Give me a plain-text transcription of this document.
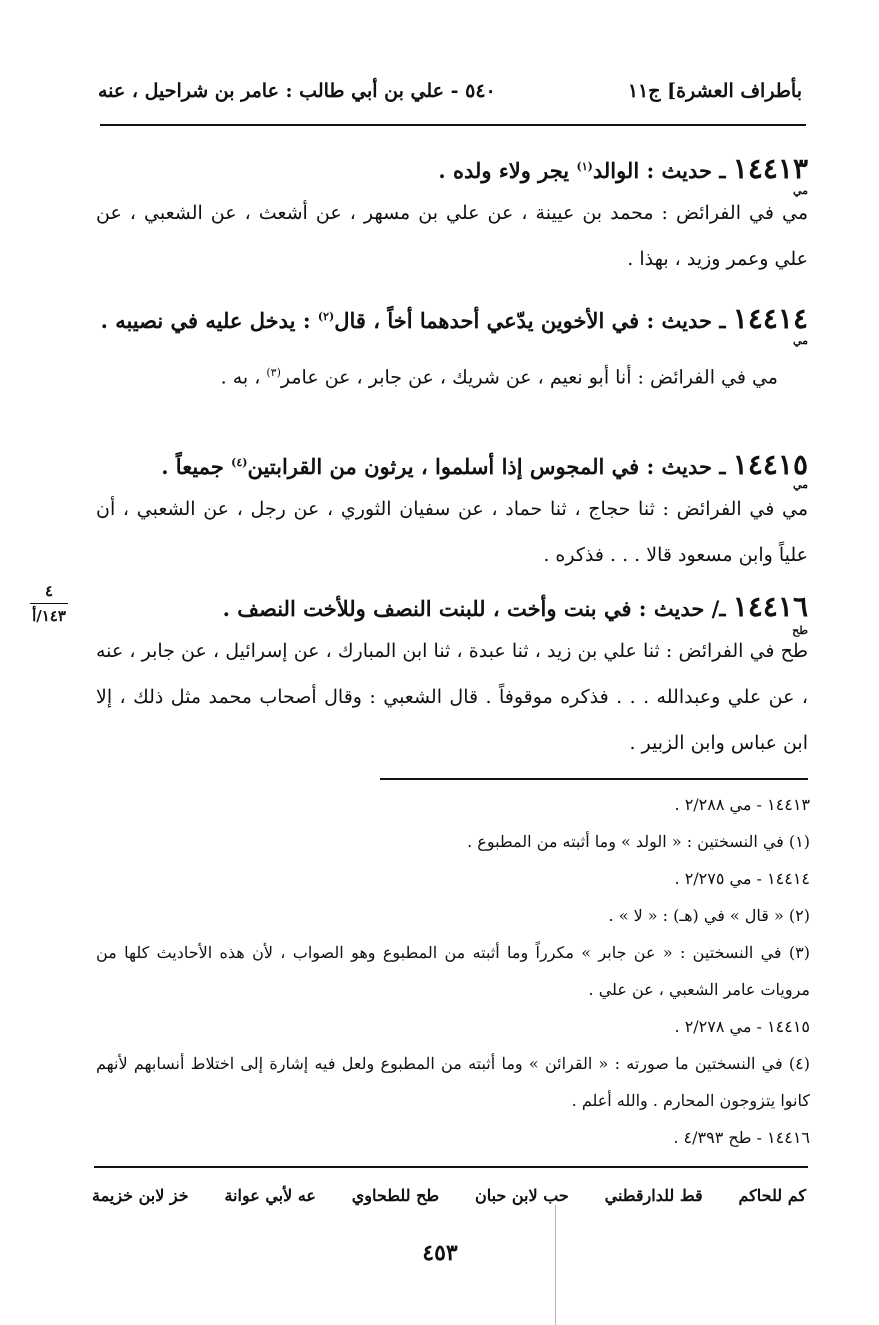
بأطراف العشرة] ج١١
٥٤٠ - علي بن أبي طالب : عامر بن شراحيل ، عنه
١٤٤١٣ ـ حديث : الوالد$^{(١)}$ يجر ولاء ولده .
مي
مي في الفرائض : محمد بن عيينة ، عن علي بن مسهر ، عن أشعث ، عن الشعبي ، عن علي وعمر وزيد ، بهذا .
١٤٤١٤ ـ حديث : في الأخوين يدّعي أحدهما أخاً ، قال$^{(٢)}$ : يدخل عليه في نصيبه .
مي
مي في الفرائض : أنا أبو نعيم ، عن شريك ، عن جابر ، عن عامر$^{(٣)}$ ، به .
١٤٤١٥ ـ حديث : في المجوس إذا أسلموا ، يرثون من القرابتين$^{(٤)}$ جميعاً .
مي
مي في الفرائض : ثنا حجاج ، ثنا حماد ، عن سفيان الثوري ، عن رجل ، عن الشعبي ، أن علياً وابن مسعود قالا . . . فذكره .
١٤٤١٦ ـ/ حديث : في بنت وأخت ، للبنت النصف وللأخت النصف .
طح
طح في الفرائض : ثنا علي بن زيد ، ثنا عبدة ، ثنا ابن المبارك ، عن إسرائيل ، عن جابر ، عنه ، عن علي وعبدالله . . . فذكره موقوفاً . قال الشعبي : وقال أصحاب محمد مثل ذلك ، إلا ابن عباس وابن الزبير .
٤
١٤٣/أ
١٤٤١٣ - مي ٢/٢٨٨ .
(١) في النسختين : « الولد » وما أثبته من المطبوع .
١٤٤١٤ - مي ٢/٢٧٥ .
(٢) « قال » في (هـ) : « لا » .
(٣) في النسختين : « عن جابر » مكرراً وما أثبته من المطبوع وهو الصواب ، لأن هذه الأحاديث كلها من مرويات عامر الشعبي ، عن علي .
١٤٤١٥ - مي ٢/٢٧٨ .
(٤) في النسختين ما صورته : « القرائن » وما أثبته من المطبوع ولعل فيه إشارة إلى اختلاط أنسابهم لأنهم كانوا يتزوجون المحارم . والله أعلم .
١٤٤١٦ - طح ٤/٣٩٣ .
خز لابن خزيمة عه لأبي عوانة طح للطحاوي حب لابن حبان قط للدارقطني كم للحاكم
٤٥٣
